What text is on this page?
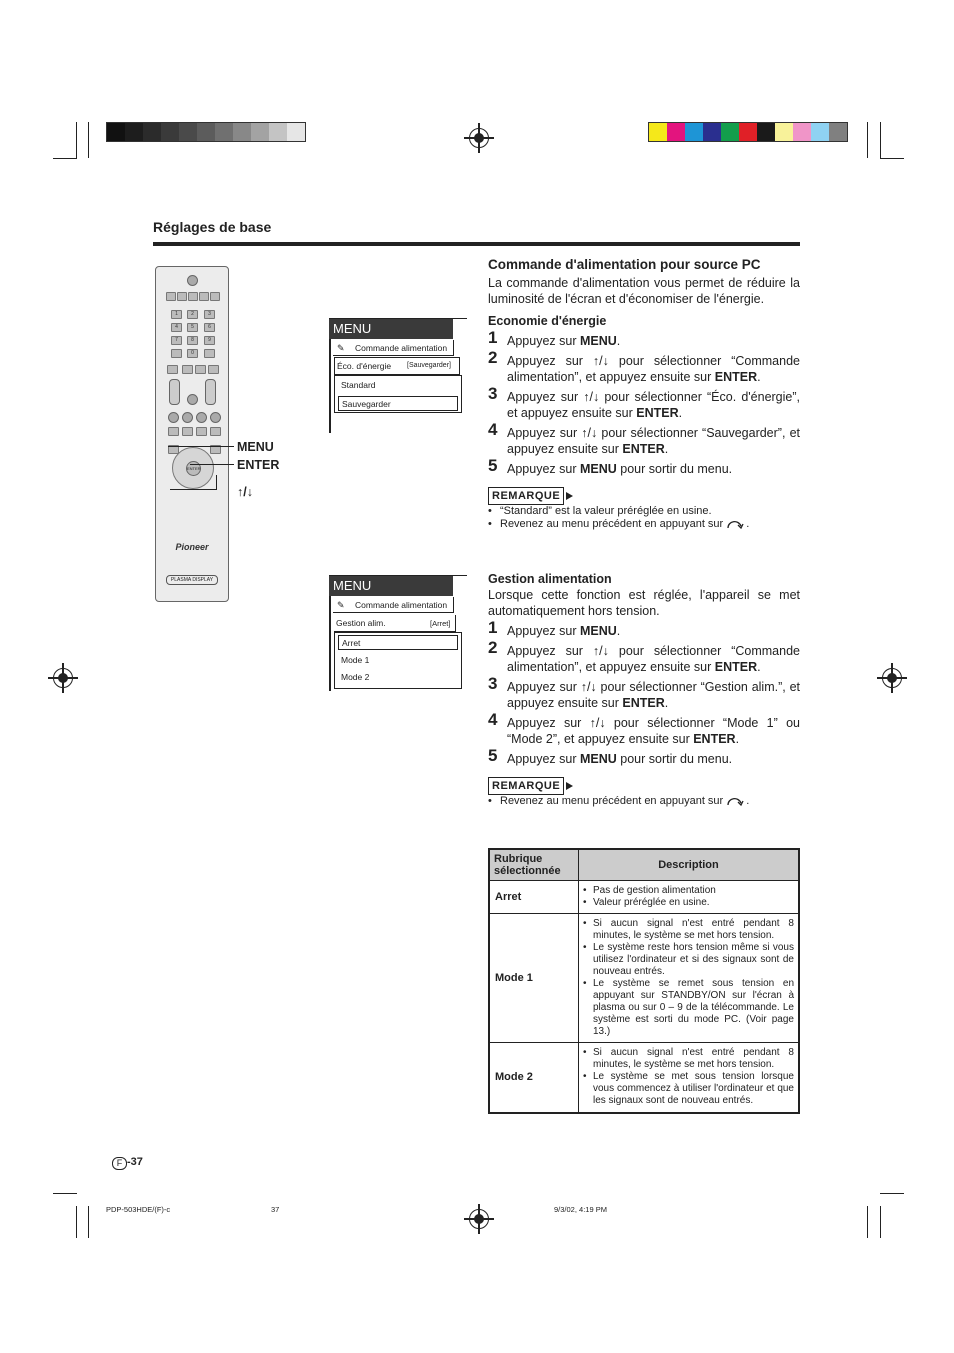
Réglages de base
1	2	3
4	5	6
7	8	9
0
ENTER
Pioneer
PLASMA DISPLAY
MENU
ENTER
↑/↓
MENU
✎ Commande alimentation
Éco. d'énergie [Sauvegarder]
Standard
Sauvegarder
MENU
✎ Commande alimentation
Gestion alim.	[Arret]
Arret
Mode 1
Mode 2

Commande d'alimentation pour source PC

La commande d'alimentation vous permet de réduire la luminosité de l'écran et d'économiser de l'énergie.

Economie d'énergie

1 Appuyez sur MENU.
2 Appuyez sur ↑/↓ pour sélectionner “Commande alimentation”, et appuyez ensuite sur ENTER.
3 Appuyez sur ↑/↓ pour sélectionner “Éco. d'énergie”, et appuyez ensuite sur ENTER.
4 Appuyez sur ↑/↓ pour sélectionner “Sauvegarder”, et appuyez ensuite sur ENTER.
5 Appuyez sur MENU pour sortir du menu.
REMARQUE
• “Standard” est la valeur préréglée en usine.
• Revenez au menu précédent en appuyant sur .

Gestion alimentation

Lorsque cette fonction est réglée, l'appareil se met automatiquement hors tension.

1 Appuyez sur MENU.
2 Appuyez sur ↑/↓ pour sélectionner “Commande alimentation”, et appuyez ensuite sur ENTER.
3 Appuyez sur ↑/↓ pour sélectionner “Gestion alim.”, et appuyez ensuite sur ENTER.
4 Appuyez sur ↑/↓ pour sélectionner “Mode 1” ou “Mode 2”, et appuyez ensuite sur ENTER.
5 Appuyez sur MENU pour sortir du menu.
REMARQUE
• Revenez au menu précédent en appuyant sur .
Rubrique sélectionnée	Description
Arret	• Pas de gestion alimentation
• Valeur préréglée en usine.

Mode 1	• Si aucun signal n'est entré pendant 8 minutes, le système se met hors tension.
• Le système reste hors tension même si vous utilisez l'ordinateur et si des signaux sont de nouveau entrés.
• Le système se remet sous tension en appuyant sur STANDBY/ON sur l'écran à plasma ou sur 0 – 9 de la télécommande. Le système est sorti du mode PC. (Voir page 13.)

Mode 2	• Si aucun signal n'est entré pendant 8 minutes, le système se met hors tension.
• Le système se met sous tension lorsque vous commencez à utiliser l'ordinateur et que les signaux sont de nouveau entrés.
F -37
PDP-503HDE/(F)-c	37	9/3/02, 4:19 PM
